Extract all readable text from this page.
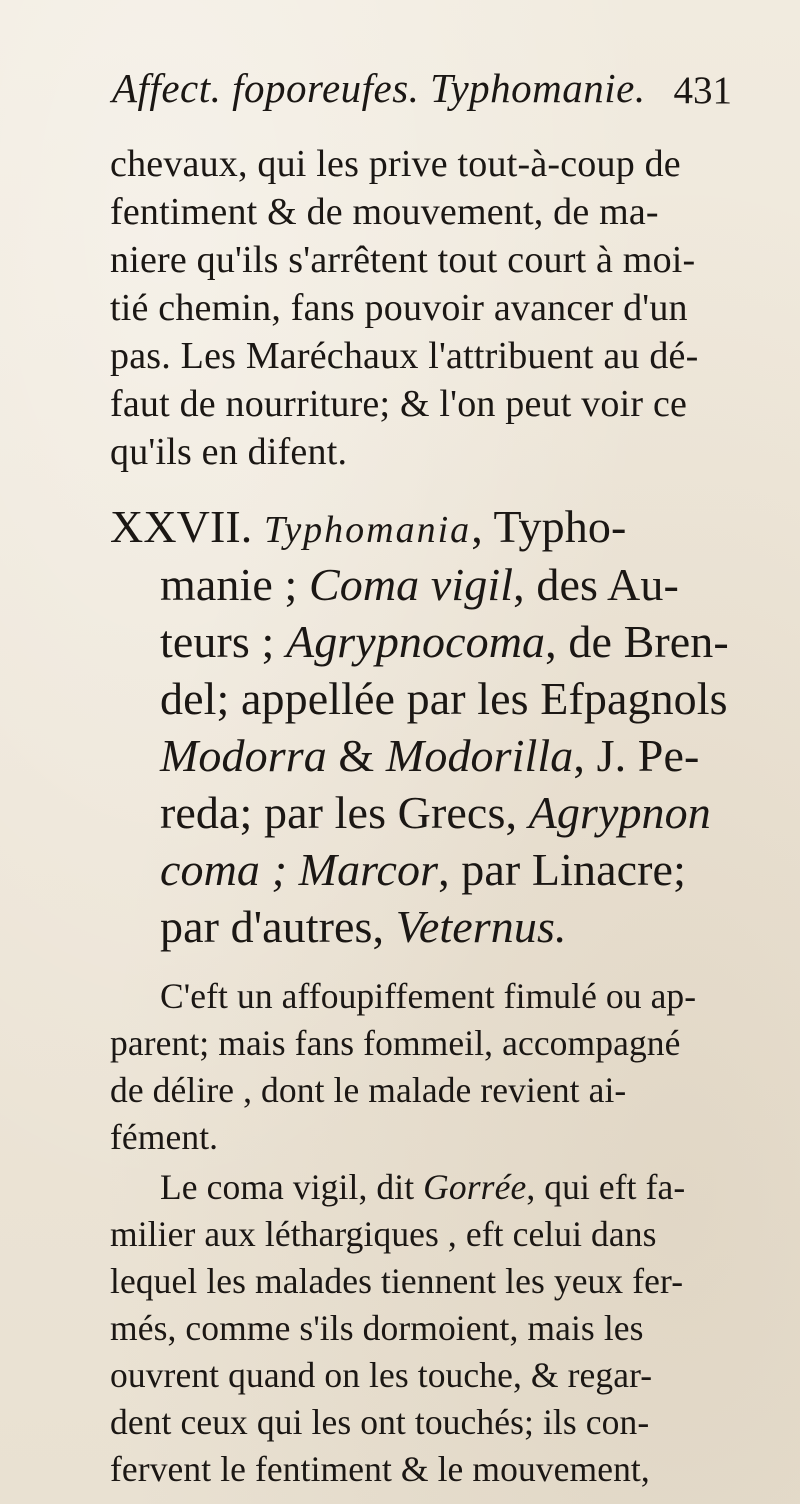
Affect. foporeufes. Typhomanie. 431
chevaux, qui les prive tout-à-coup de
fentiment & de mouvement, de ma-
niere qu'ils s'arrêtent tout court à moi-
tié chemin, fans pouvoir avancer d'un
pas. Les Maréchaux l'attribuent au dé-
faut de nourriture; & l'on peut voir ce
qu'ils en difent.
XXVII. Typhomania, Typho-
manie ; Coma vigil, des Au-
teurs ; Agrypnocoma, de Bren-
del; appellée par les Efpagnols
Modorra & Modorilla, J. Pe-
reda; par les Grecs, Agrypnon
coma ; Marcor, par Linacre;
par d'autres, Veternus.
C'eft un affoupiffement fimulé ou ap-
parent; mais fans fommeil, accompagné
de délire , dont le malade revient ai-
fément.
Le coma vigil, dit Gorrée, qui eft fa-
milier aux léthargiques , eft celui dans
lequel les malades tiennent les yeux fer-
més, comme s'ils dormoient, mais les
ouvrent quand on les touche, & regar-
dent ceux qui les ont touchés; ils con-
fervent le fentiment & le mouvement,
